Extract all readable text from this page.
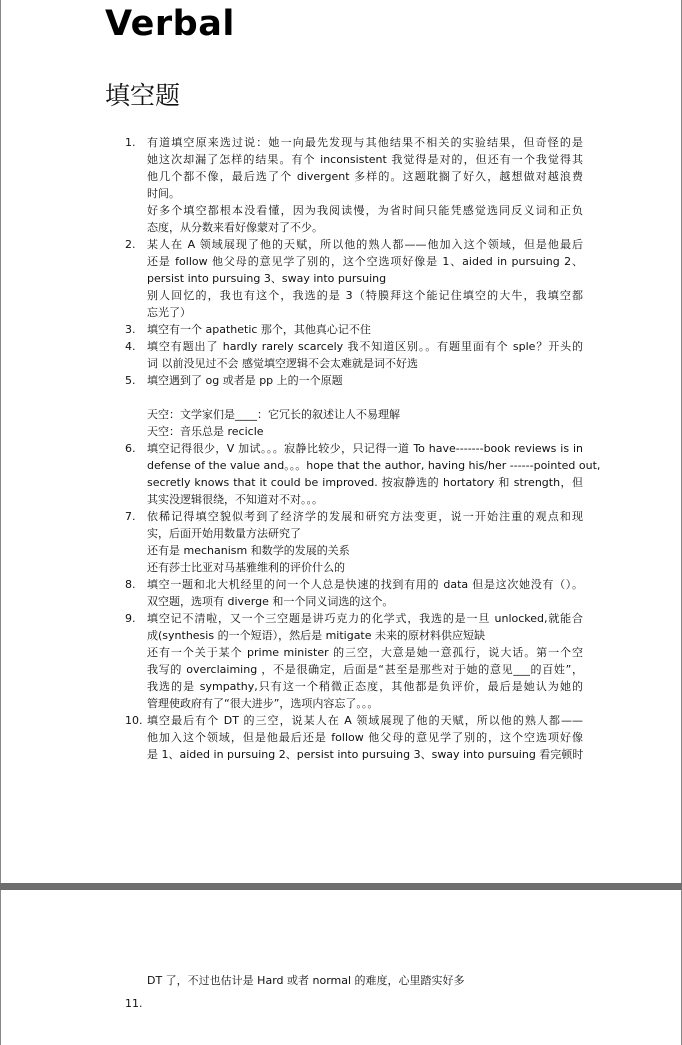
Verbal
填空题
1. 有道填空原来选过说：她一向最先发现与其他结果不相关的实验结果，但奇怪的是
她这次却漏了怎样的结果。有个 inconsistent 我觉得是对的，但还有一个我觉得其
他几个都不像，最后选了个 divergent 多样的。这题耽搁了好久，越想做对越浪费
时间。
好多个填空都根本没看懂，因为我阅读慢，为省时间只能凭感觉选同反义词和正负
态度，从分数来看好像蒙对了不少。
2. 某人在 A 领域展现了他的天赋，所以他的熟人都——他加入这个领域，但是他最后
还是 follow 他父母的意见学了别的，这个空选项好像是 1、aided in pursuing 2、
persist into pursuing 3、sway into pursuing
别人回忆的，我也有这个，我选的是 3（特膜拜这个能记住填空的大牛，我填空都
忘光了）
3. 填空有一个 apathetic 那个，其他真心记不住
4. 填空有题出了 hardly rarely scarcely 我不知道区别。。有题里面有个 sple？开头的
词 以前没见过不会 感觉填空逻辑不会太难就是词不好选
5. 填空遇到了 og 或者是 pp 上的一个原题
天空：文学家们是____：它冗长的叙述让人不易理解
天空：音乐总是 recicle
6. 填空记得很少，V 加试。。。寂静比较少，只记得一道 To have-------book reviews is in
defense of the value and。。。hope that the author, having his/her ------pointed out,
secretly knows that it could be improved. 按寂静选的 hortatory 和 strength，但
其实没逻辑很绕，不知道对不对。。。
7. 依稀记得填空貌似考到了经济学的发展和研究方法变更，说一开始注重的观点和现
实，后面开始用数量方法研究了
还有是 mechanism 和数学的发展的关系
还有莎士比亚对马基雅维利的评价什么的
8. 填空一题和北大机经里的问一个人总是快速的找到有用的 data 但是这次她没有（）。
双空题，选项有 diverge 和一个同义词选的这个。
9. 填空记不清啦，又一个三空题是讲巧克力的化学式，我选的是一旦 unlocked,就能合
成(synthesis 的一个短语），然后是 mitigate 未来的原材料供应短缺
还有一个关于某个 prime minister 的三空，大意是她一意孤行，说大话。第一个空
我写的 overclaiming ，不是很确定，后面是“甚至是那些对于她的意见___的百姓”，
我选的是 sympathy,只有这一个稍微正态度，其他都是负评价，最后是她认为她的
管理使政府有了“很大进步”，选项内容忘了。。。
10. 填空最后有个 DT 的三空，说某人在 A 领域展现了他的天赋，所以他的熟人都——
他加入这个领域，但是他最后还是 follow 他父母的意见学了别的，这个空选项好像
是 1、aided in pursuing 2、persist into pursuing 3、sway into pursuing 看完顿时
DT 了，不过也估计是 Hard 或者 normal 的难度，心里踏实好多
11.
